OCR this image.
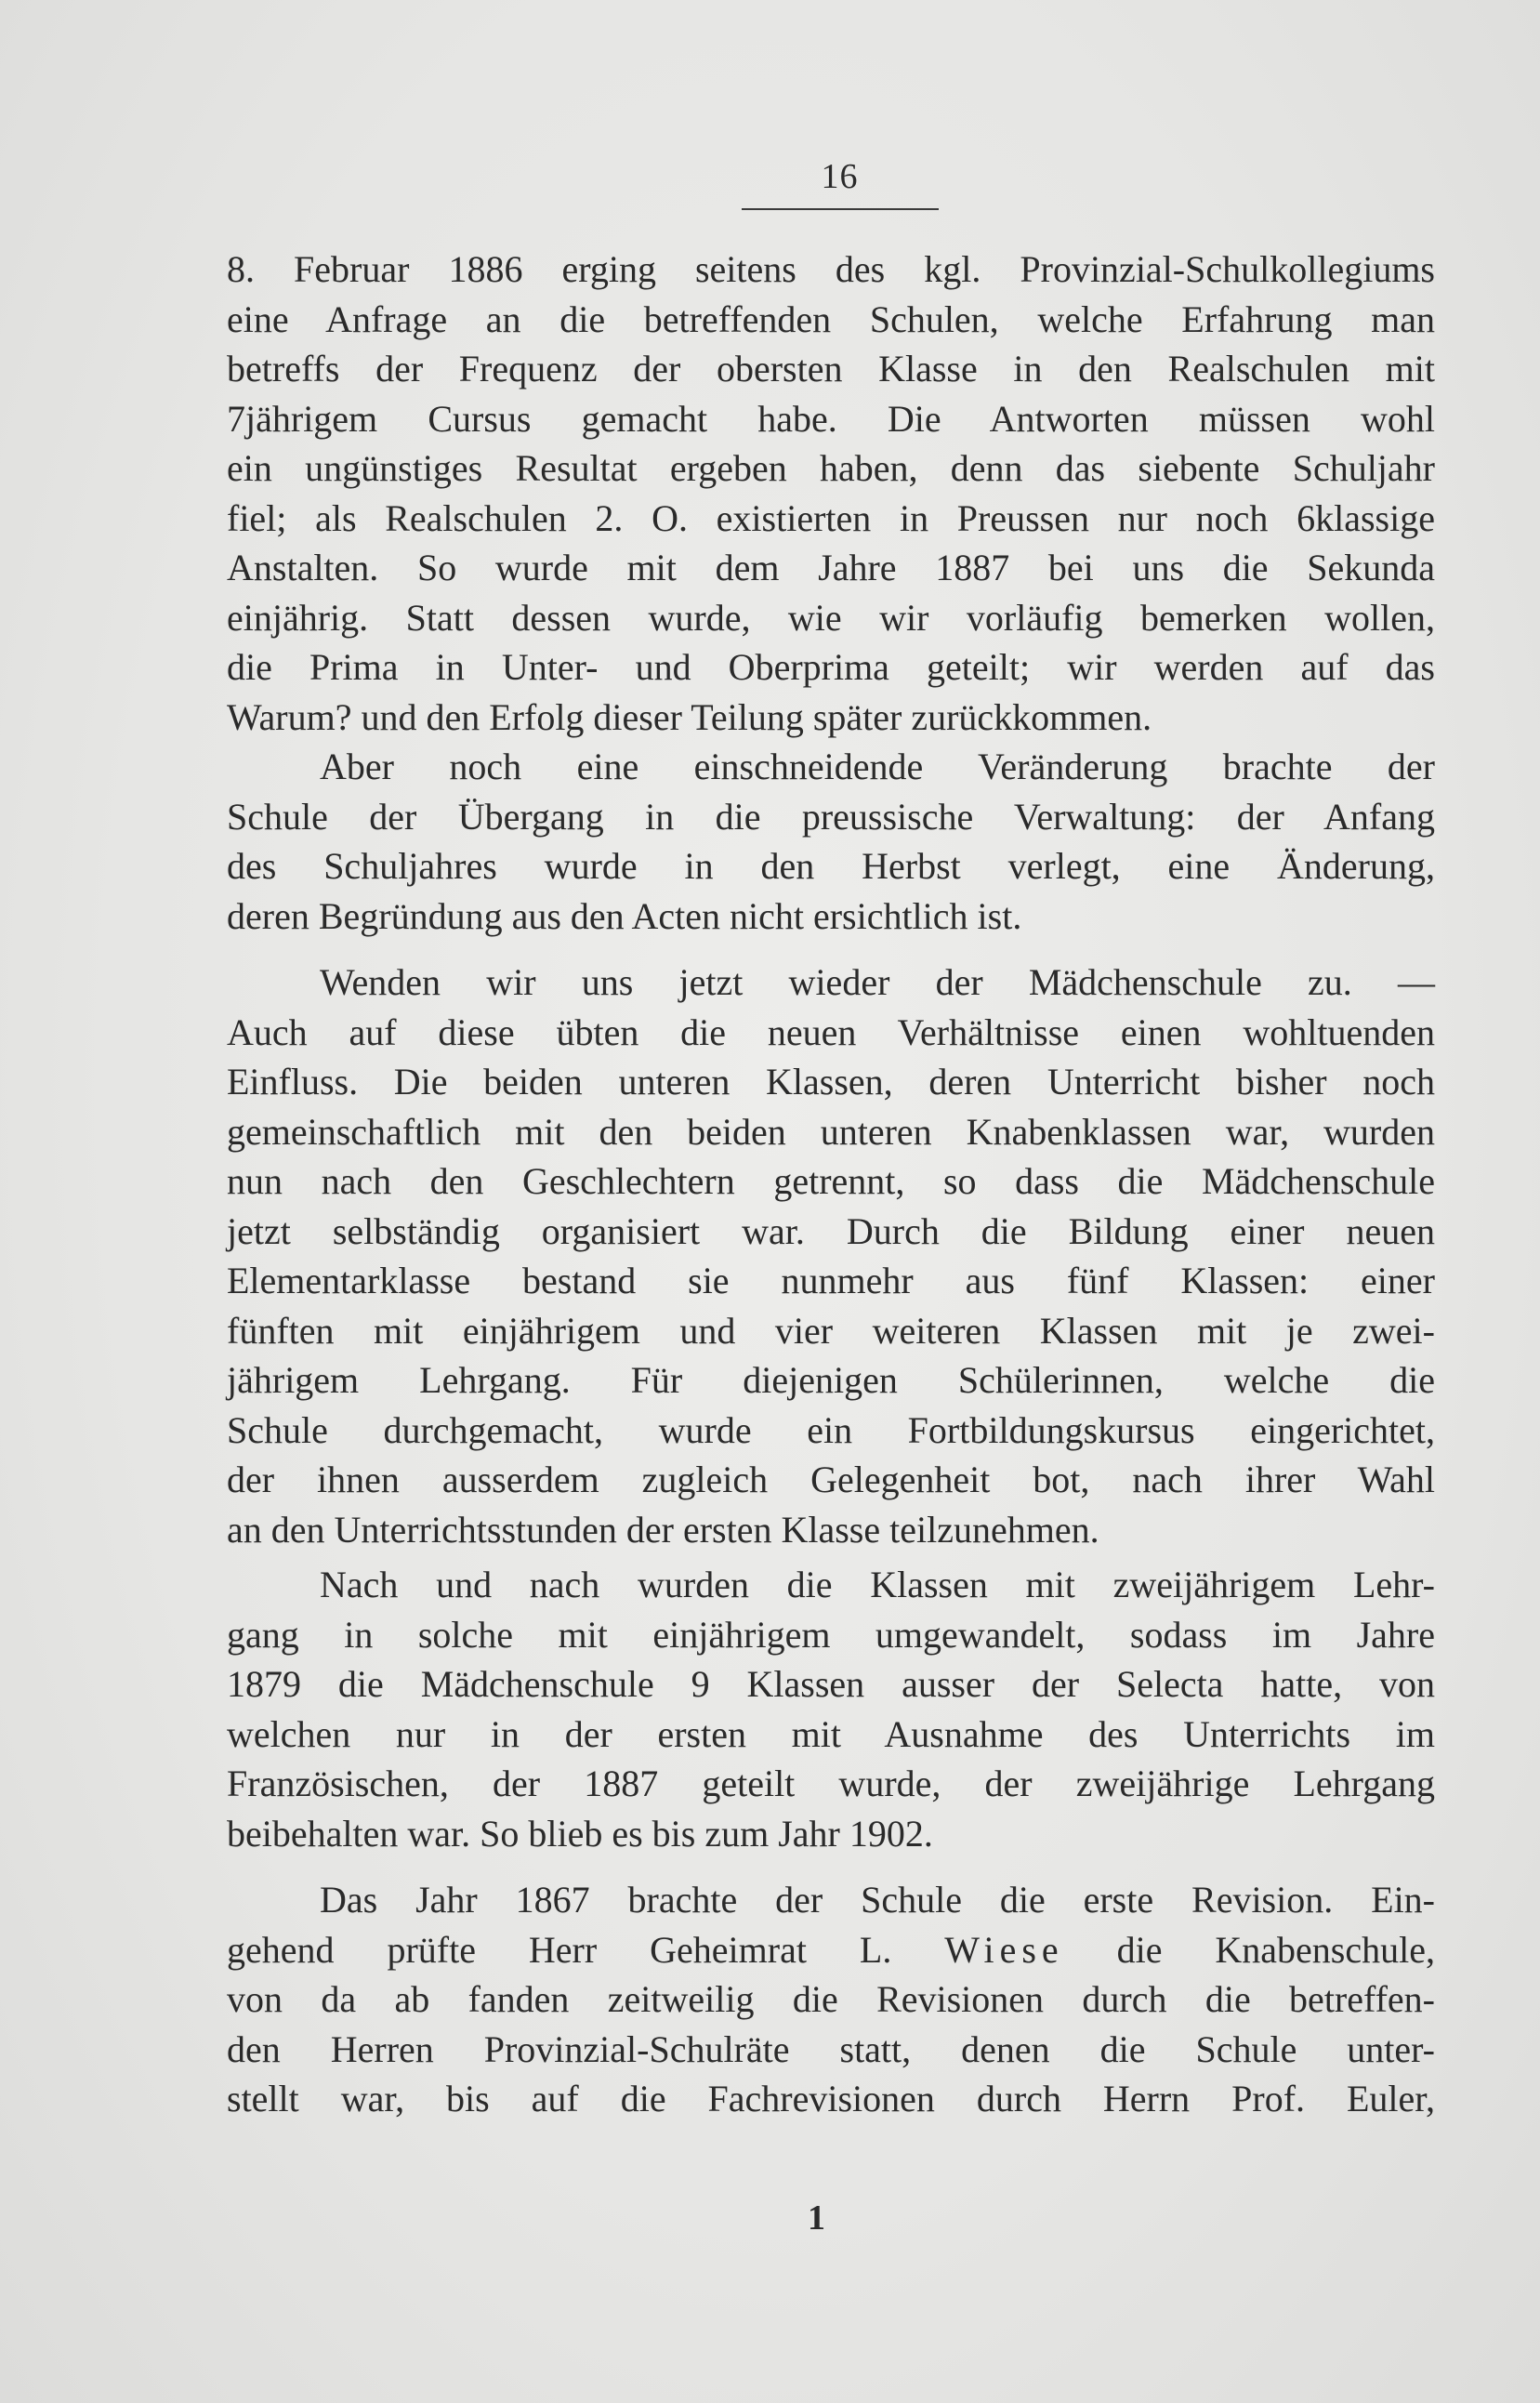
16
8. Februar 1886 erging seitens des kgl. Provinzial-Schulkollegiums
eine Anfrage an die betreffenden Schulen, welche Erfahrung man
betreffs der Frequenz der obersten Klasse in den Realschulen mit
7jährigem Cursus gemacht habe. Die Antworten müssen wohl
ein ungünstiges Resultat ergeben haben, denn das siebente Schuljahr
fiel; als Realschulen 2. O. existierten in Preussen nur noch 6klassige
Anstalten. So wurde mit dem Jahre 1887 bei uns die Sekunda
einjährig. Statt dessen wurde, wie wir vorläufig bemerken wollen,
die Prima in Unter- und Oberprima geteilt; wir werden auf das
Warum? und den Erfolg dieser Teilung später zurückkommen.
Aber noch eine einschneidende Veränderung brachte der
Schule der Übergang in die preussische Verwaltung: der Anfang
des Schuljahres wurde in den Herbst verlegt, eine Änderung,
deren Begründung aus den Acten nicht ersichtlich ist.
Wenden wir uns jetzt wieder der Mädchenschule zu. —
Auch auf diese übten die neuen Verhältnisse einen wohltuenden
Einfluss. Die beiden unteren Klassen, deren Unterricht bisher noch
gemeinschaftlich mit den beiden unteren Knabenklassen war, wurden
nun nach den Geschlechtern getrennt, so dass die Mädchenschule
jetzt selbständig organisiert war. Durch die Bildung einer neuen
Elementarklasse bestand sie nunmehr aus fünf Klassen: einer
fünften mit einjährigem und vier weiteren Klassen mit je zwei-
jährigem Lehrgang. Für diejenigen Schülerinnen, welche die
Schule durchgemacht, wurde ein Fortbildungskursus eingerichtet,
der ihnen ausserdem zugleich Gelegenheit bot, nach ihrer Wahl
an den Unterrichtsstunden der ersten Klasse teilzunehmen.
Nach und nach wurden die Klassen mit zweijährigem Lehr-
gang in solche mit einjährigem umgewandelt, sodass im Jahre
1879 die Mädchenschule 9 Klassen ausser der Selecta hatte, von
welchen nur in der ersten mit Ausnahme des Unterrichts im
Französischen, der 1887 geteilt wurde, der zweijährige Lehrgang
beibehalten war. So blieb es bis zum Jahr 1902.
Das Jahr 1867 brachte der Schule die erste Revision. Ein-
gehend prüfte Herr Geheimrat L. Wiese die Knabenschule,
von da ab fanden zeitweilig die Revisionen durch die betreffen-
den Herren Provinzial-Schulräte statt, denen die Schule unter-
stellt war, bis auf die Fachrevisionen durch Herrn Prof. Euler,
1
